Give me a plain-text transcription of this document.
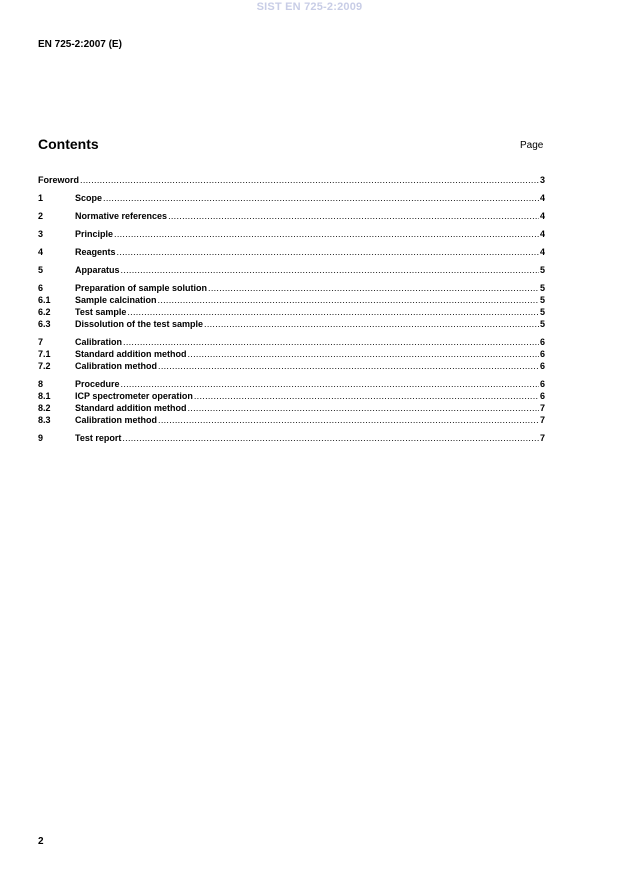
SIST EN 725-2:2009
EN 725-2:2007 (E)
Contents	Page
Foreword .....	3
1	Scope .....	4
2	Normative references .....	4
3	Principle .....	4
4	Reagents .....	4
5	Apparatus .....	5
6	Preparation of sample solution .....	5
6.1	Sample calcination .....	5
6.2	Test sample .....	5
6.3	Dissolution of the test sample .....	5
7	Calibration .....	6
7.1	Standard addition method .....	6
7.2	Calibration method .....	6
8	Procedure .....	6
8.1	ICP spectrometer operation .....	6
8.2	Standard addition method .....	7
8.3	Calibration method .....	7
9	Test report .....	7
2
